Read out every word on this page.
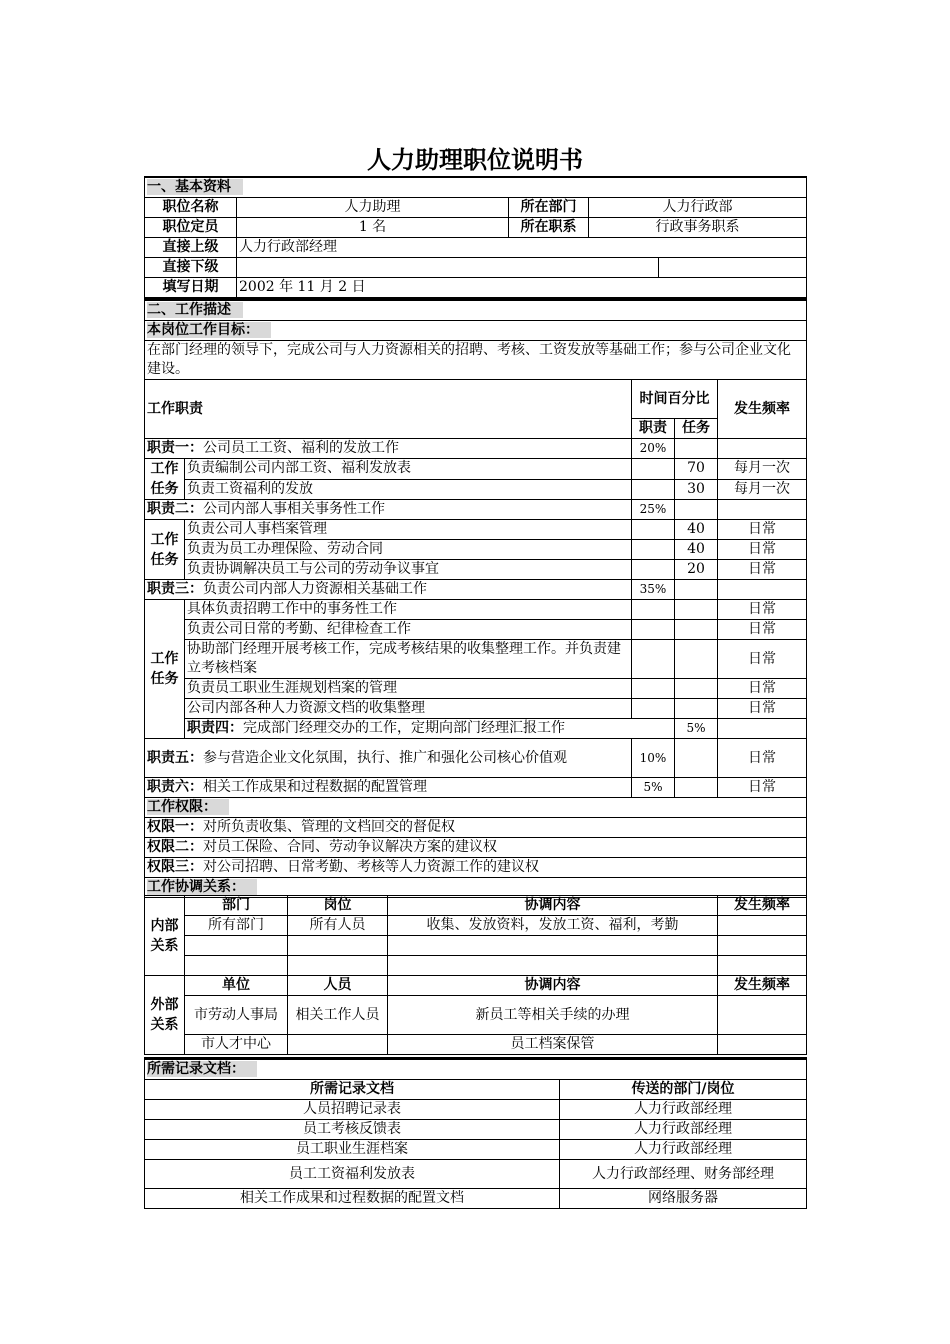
人力助理职位说明书
一、基本资料				
职位名称	人力助理	所在部门	人力行政部	
职位定员	1 名	所在职系	行政事务职系	
直接上级	人力行政部经理			
直接下级				
填写日期	2002 年 11 月 2 日			
二、工作描述					
本岗位工作目标：					
在部门经理的领导下，完成公司与人力资源相关的招聘、考核、工资发放等基础工作；参与公司企业文化建设。					
工作职责		时间百分比		发生频率	
		职责	任务		
职责一：公司员工工资、福利的发放工作		20%			
工作任务	负责编制公司内部工资、福利发放表		70	每月一次	
	负责工资福利的发放		30	每月一次	
职责二：公司内部人事相关事务性工作		25%			
工作任务	负责公司人事档案管理		40	日常	
	负责为员工办理保险、劳动合同		40	日常	
	负责协调解决员工与公司的劳动争议事宜		20	日常	
职责三：负责公司内部人力资源相关基础工作		35%			
工作任务	具体负责招聘工作中的事务性工作			日常	
	负责公司日常的考勤、纪律检查工作			日常	
	协助部门经理开展考核工作，完成考核结果的收集整理工作。并负责建立考核档案			日常	
	负责员工职业生涯规划档案的管理			日常	
	公司内部各种人力资源文档的收集整理			日常	
	职责四：完成部门经理交办的工作，定期向部门经理汇报工作		5%		
职责五：参与营造企业文化氛围，执行、推广和强化公司核心价值观		10%		日常	
职责六：相关工作成果和过程数据的配置管理		5%		日常	
工作权限：					
权限一：对所负责收集、管理的文档回交的督促权					
权限二：对员工保险、合同、劳动争议解决方案的建议权					
权限三：对公司招聘、日常考勤、考核等人力资源工作的建议权					
工作协调关系：					
内部关系	部门	岗位	协调内容	发生频率
	所有部门	所有人员	收集、发放资料，发放工资、福利，考勤	

外部关系	单位	人员	协调内容	发生频率
	市劳动人事局	相关工作人员	新员工等相关手续的办理	
	市人才中心		员工档案保管	
所需记录文档：	
所需记录文档	传送的部门/岗位
人员招聘记录表	人力行政部经理
员工考核反馈表	人力行政部经理
员工职业生涯档案	人力行政部经理
员工工资福利发放表	人力行政部经理、财务部经理
相关工作成果和过程数据的配置文档	网络服务器
